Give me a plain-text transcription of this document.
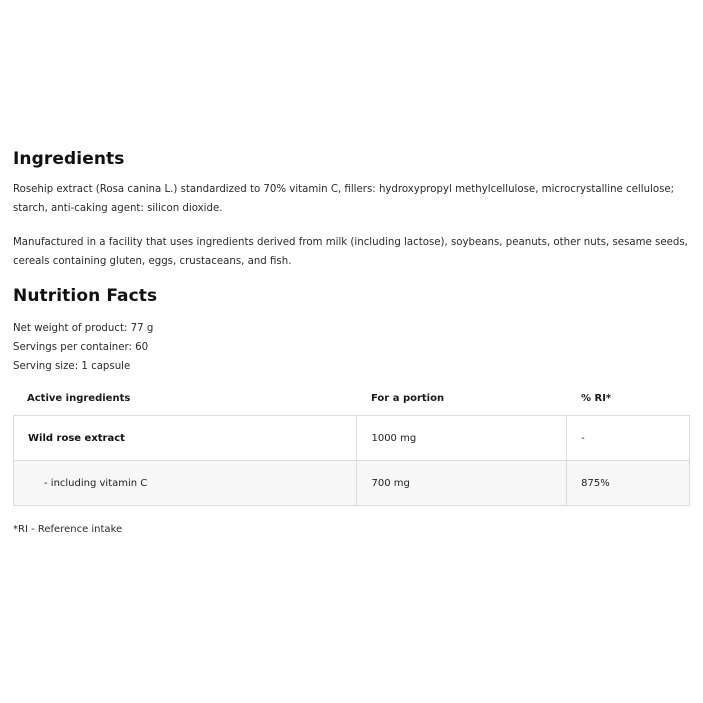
Ingredients

Rosehip extract (Rosa canina L.) standardized to 70% vitamin C, fillers: hydroxypropyl methylcellulose, microcrystalline cellulose; starch, anti-caking agent: silicon dioxide.

Manufactured in a facility that uses ingredients derived from milk (including lactose), soybeans, peanuts, other nuts, sesame seeds, cereals containing gluten, eggs, crustaceans, and fish.

Nutrition Facts
Net weight of product: 77 g
Servings per container: 60
Serving size: 1 capsule
Active ingredients	For a portion	% RI*
Wild rose extract	1000 mg	-
- including vitamin C	700 mg	875%
*RI - Reference intake
